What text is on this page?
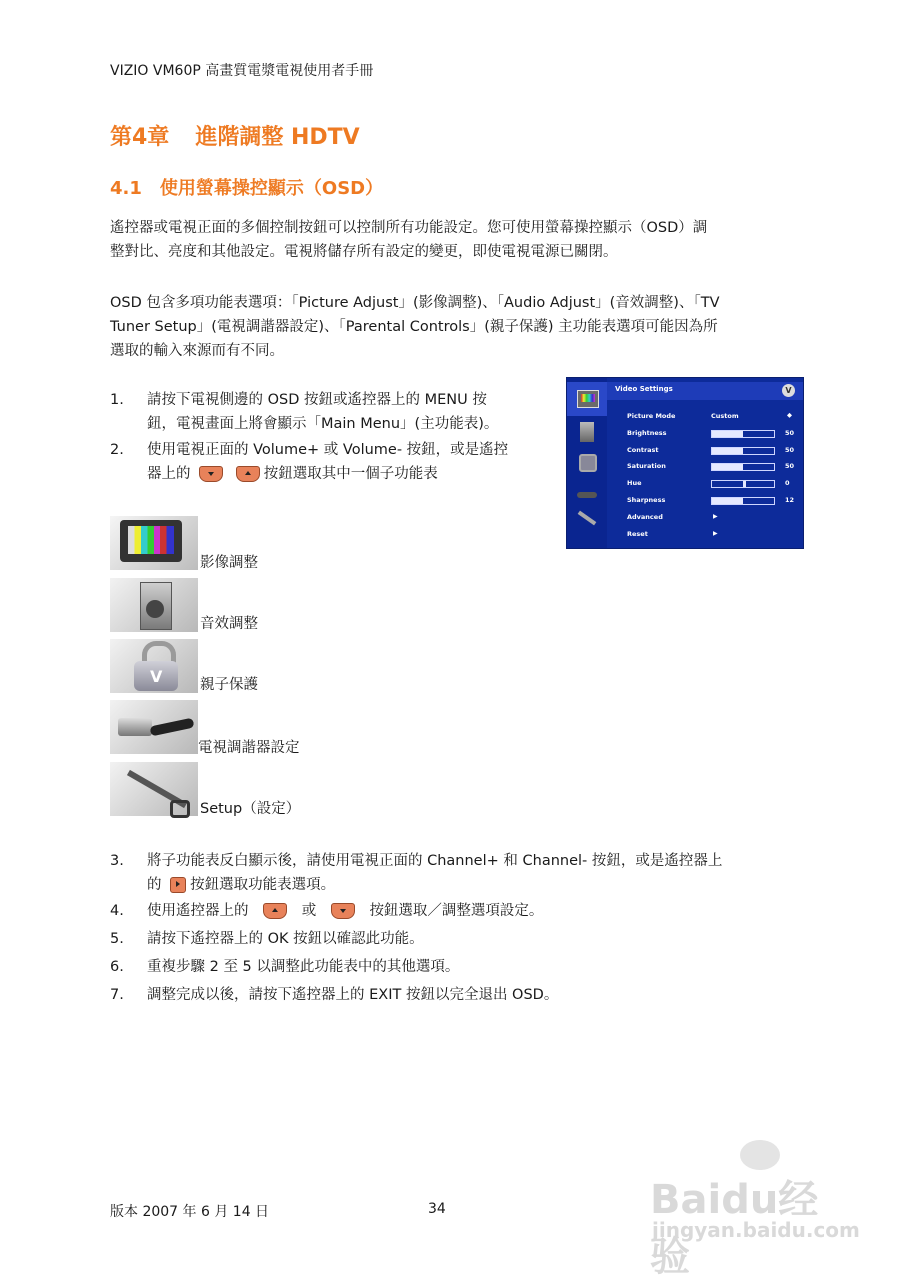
VIZIO VM60P 高畫質電漿電視使用者手冊
第4章 進階調整 HDTV
4.1 使用螢幕操控顯示（OSD）
遙控器或電視正面的多個控制按鈕可以控制所有功能設定。您可使用螢幕操控顯示（OSD）調
整對比、亮度和其他設定。電視將儲存所有設定的變更，即使電視電源已關閉。
OSD 包含多項功能表選項：「Picture Adjust」(影像調整)、「Audio Adjust」(音效調整)、「TV
Tuner Setup」(電視調諧器設定)、「Parental Controls」(親子保護) 主功能表選項可能因為所
選取的輸入來源而有不同。
1.	請按下電視側邊的 OSD 按鈕或遙控器上的 MENU 按
鈕，電視畫面上將會顯示「Main Menu」(主功能表)。
2.	使用電視正面的 Volume+ 或 Volume- 按鈕，或是遙控
器上的	按鈕選取其中一個子功能表
Video Settings	V
Picture Mode	Custom	◆
Brightness	50
Contrast	50
Saturation	50
Hue	0
Sharpness	12
Advanced	▶
Reset	▶
影像調整
音效調整
V	親子保護
電視調諧器設定
Setup（設定）
3.	將子功能表反白顯示後，請使用電視正面的 Channel+ 和 Channel- 按鈕，或是遙控器上
的 按鈕選取功能表選項。
4.	使用遙控器上的	或	按鈕選取／調整選項設定。
5.	請按下遙控器上的 OK 按鈕以確認此功能。
6.	重複步驟 2 至 5 以調整此功能表中的其他選項。
7.	調整完成以後，請按下遙控器上的 EXIT 按鈕以完全退出 OSD。
版本 2007 年 6 月 14 日	34	Baidu经验
jingyan.baidu.com
